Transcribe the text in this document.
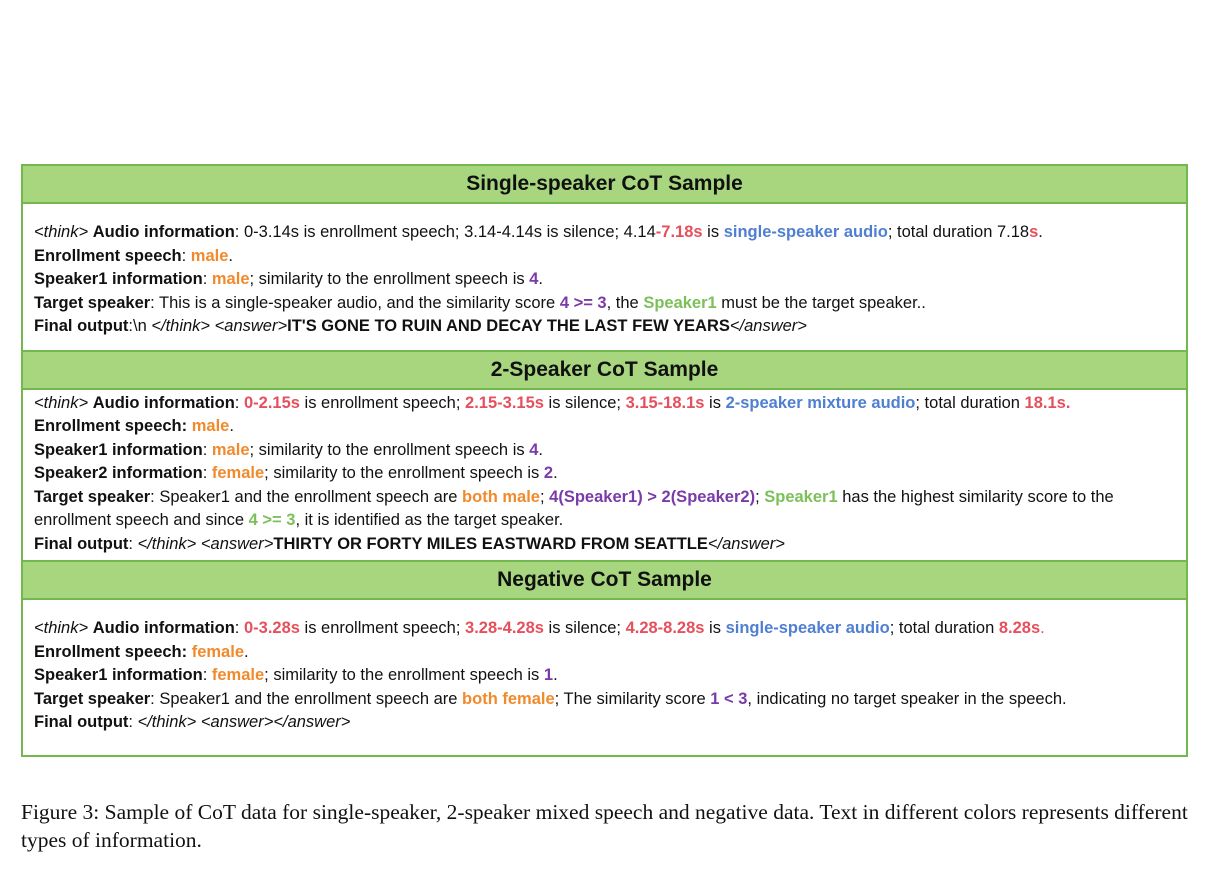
Single-speaker CoT Sample
<think> Audio information: 0-3.14s is enrollment speech; 3.14-4.14s is silence; 4.14-7.18s is single-speaker audio; total duration 7.18s.
Enrollment speech: male.
Speaker1 information: male; similarity to the enrollment speech is 4.
Target speaker: This is a single-speaker audio, and the similarity score 4 >= 3, the Speaker1 must be the target speaker..
Final output:\n </think> <answer>IT'S GONE TO RUIN AND DECAY THE LAST FEW YEARS</answer>
2-Speaker CoT Sample
<think> Audio information: 0-2.15s is enrollment speech; 2.15-3.15s is silence; 3.15-18.1s is 2-speaker mixture audio; total duration 18.1s.
Enrollment speech: male.
Speaker1 information: male; similarity to the enrollment speech is 4.
Speaker2 information: female; similarity to the enrollment speech is 2.
Target speaker: Speaker1 and the enrollment speech are both male; 4(Speaker1) > 2(Speaker2); Speaker1 has the highest similarity score to the enrollment speech and since 4 >= 3, it is identified as the target speaker.
Final output: </think> <answer>THIRTY OR FORTY MILES EASTWARD FROM SEATTLE</answer>
Negative CoT Sample
<think> Audio information: 0-3.28s is enrollment speech; 3.28-4.28s is silence; 4.28-8.28s is single-speaker audio; total duration 8.28s.
Enrollment speech: female.
Speaker1 information: female; similarity to the enrollment speech is 1.
Target speaker: Speaker1 and the enrollment speech are both female; The similarity score 1 < 3, indicating no target speaker in the speech.
Final output: </think> <answer></answer>
Figure 3: Sample of CoT data for single-speaker, 2-speaker mixed speech and negative data. Text in different colors represents different types of information.
